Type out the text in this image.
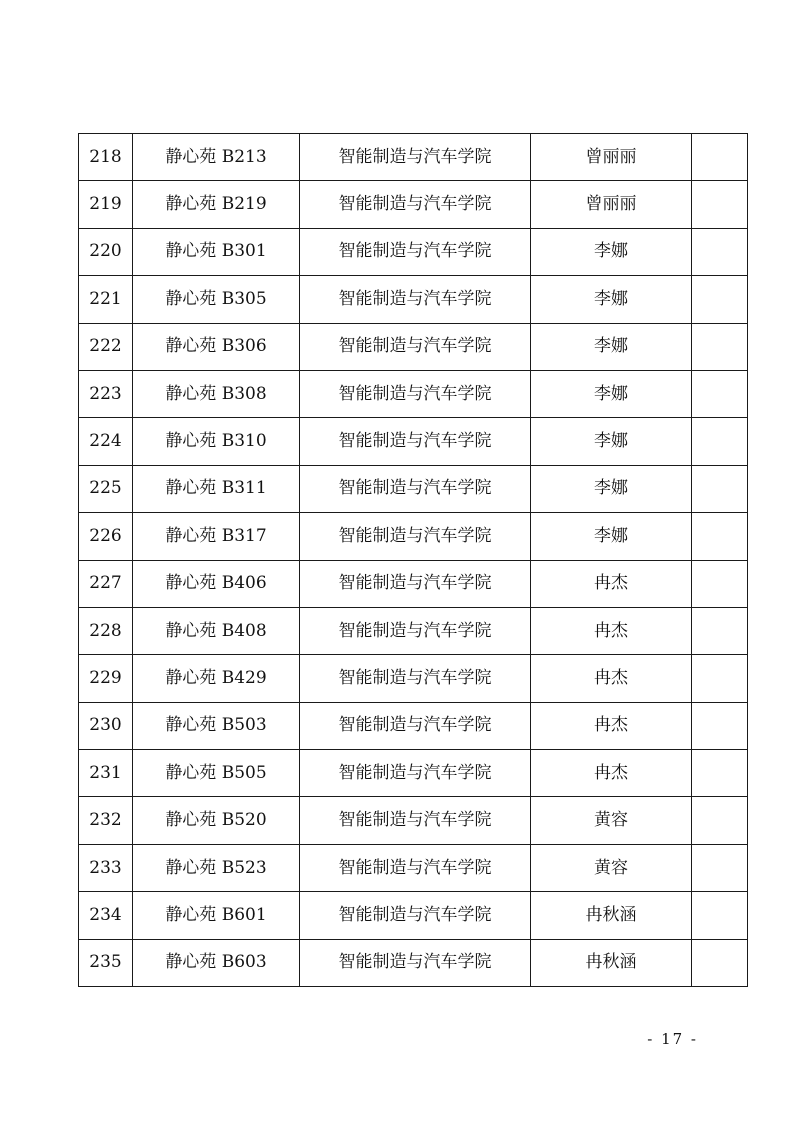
218	静心苑 B213	智能制造与汽车学院	曾丽丽	
219	静心苑 B219	智能制造与汽车学院	曾丽丽	
220	静心苑 B301	智能制造与汽车学院	李娜	
221	静心苑 B305	智能制造与汽车学院	李娜	
222	静心苑 B306	智能制造与汽车学院	李娜	
223	静心苑 B308	智能制造与汽车学院	李娜	
224	静心苑 B310	智能制造与汽车学院	李娜	
225	静心苑 B311	智能制造与汽车学院	李娜	
226	静心苑 B317	智能制造与汽车学院	李娜	
227	静心苑 B406	智能制造与汽车学院	冉杰	
228	静心苑 B408	智能制造与汽车学院	冉杰	
229	静心苑 B429	智能制造与汽车学院	冉杰	
230	静心苑 B503	智能制造与汽车学院	冉杰	
231	静心苑 B505	智能制造与汽车学院	冉杰	
232	静心苑 B520	智能制造与汽车学院	黄容	
233	静心苑 B523	智能制造与汽车学院	黄容	
234	静心苑 B601	智能制造与汽车学院	冉秋涵	
235	静心苑 B603	智能制造与汽车学院	冉秋涵	
- 17 -
